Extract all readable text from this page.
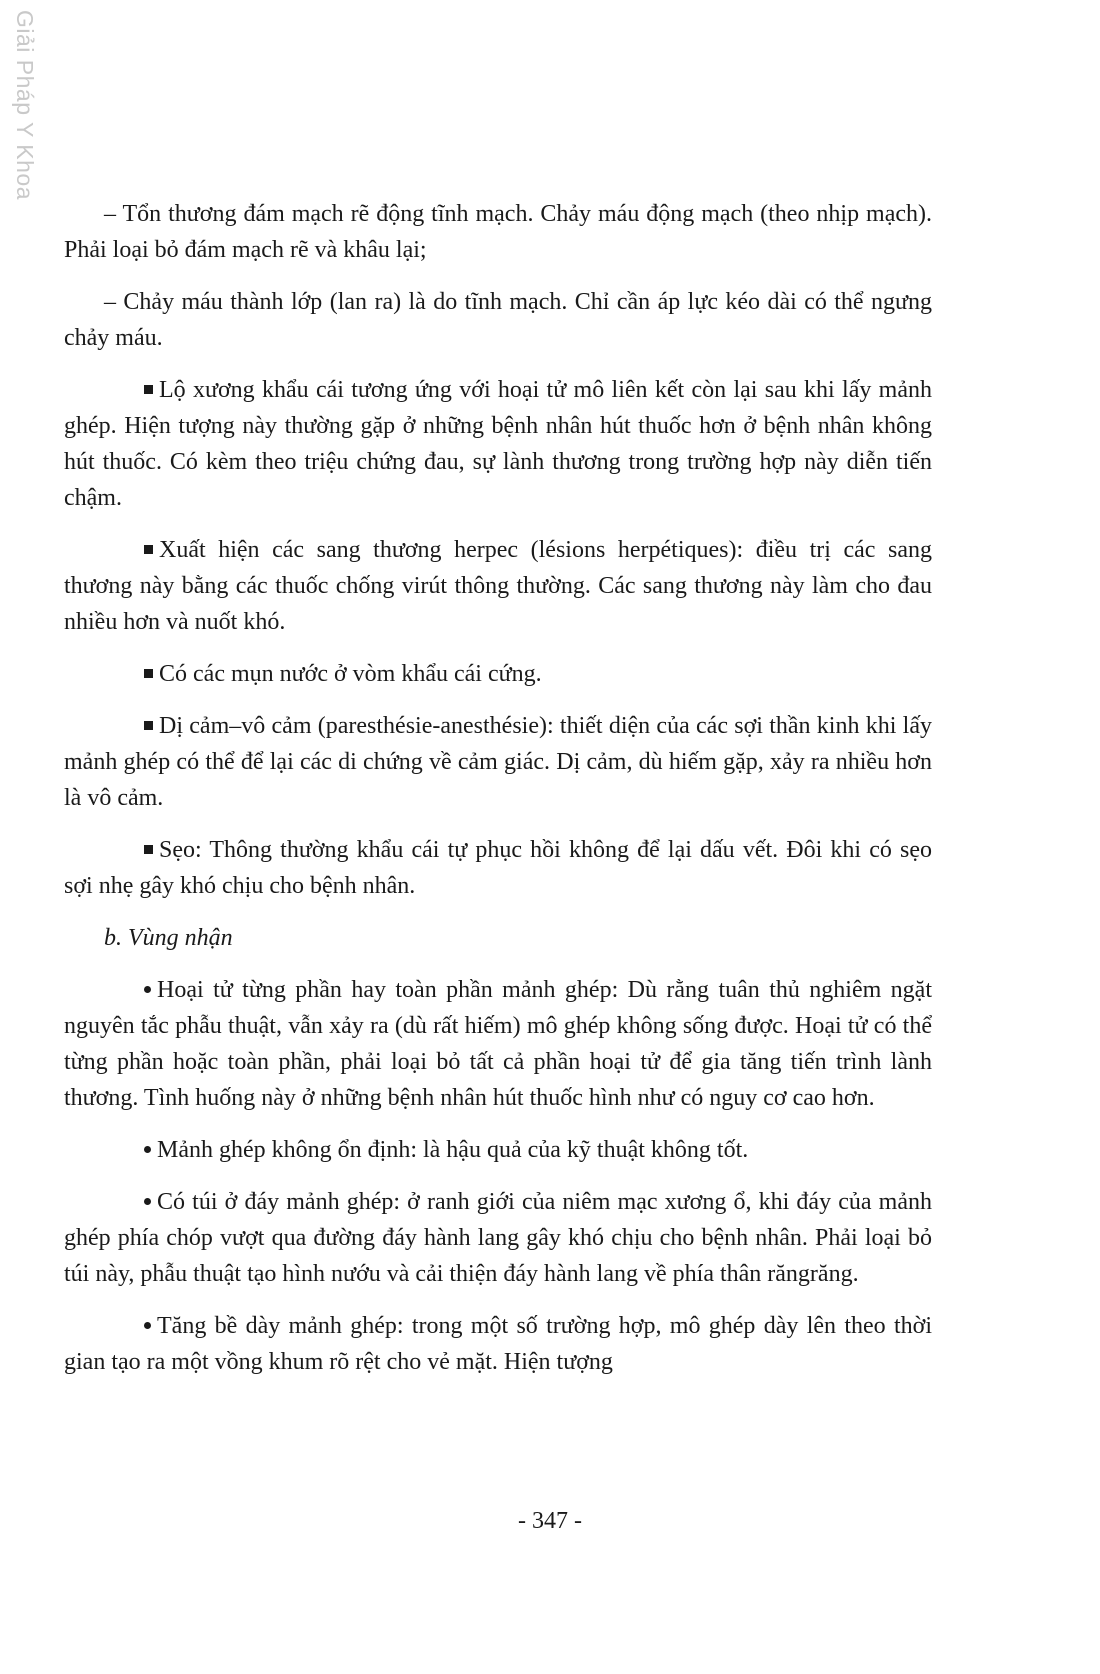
Giải Pháp Y Khoa

– Tổn thương đám mạch rẽ động tĩnh mạch. Chảy máu động mạch (theo nhịp mạch). Phải loại bỏ đám mạch rẽ và khâu lại;

– Chảy máu thành lớp (lan ra) là do tĩnh mạch. Chỉ cần áp lực kéo dài có thể ngưng chảy máu.

Lộ xương khẩu cái tương ứng với hoại tử mô liên kết còn lại sau khi lấy mảnh ghép. Hiện tượng này thường gặp ở những bệnh nhân hút thuốc hơn ở bệnh nhân không hút thuốc. Có kèm theo triệu chứng đau, sự lành thương trong trường hợp này diễn tiến chậm.

Xuất hiện các sang thương herpec (lésions herpétiques): điều trị các sang thương này bằng các thuốc chống virút thông thường. Các sang thương này làm cho đau nhiều hơn và nuốt khó.

Có các mụn nước ở vòm khẩu cái cứng.

Dị cảm–vô cảm (paresthésie-anesthésie): thiết diện của các sợi thần kinh khi lấy mảnh ghép có thể để lại các di chứng về cảm giác. Dị cảm, dù hiếm gặp, xảy ra nhiều hơn là vô cảm.

Sẹo: Thông thường khẩu cái tự phục hồi không để lại dấu vết. Đôi khi có sẹo sợi nhẹ gây khó chịu cho bệnh nhân.

b. Vùng nhận

Hoại tử từng phần hay toàn phần mảnh ghép: Dù rằng tuân thủ nghiêm ngặt nguyên tắc phẫu thuật, vẫn xảy ra (dù rất hiếm) mô ghép không sống được. Hoại tử có thể từng phần hoặc toàn phần, phải loại bỏ tất cả phần hoại tử để gia tăng tiến trình lành thương. Tình huống này ở những bệnh nhân hút thuốc hình như có nguy cơ cao hơn.

Mảnh ghép không ổn định: là hậu quả của kỹ thuật không tốt.

Có túi ở đáy mảnh ghép: ở ranh giới của niêm mạc xương ổ, khi đáy của mảnh ghép phía chóp vượt qua đường đáy hành lang gây khó chịu cho bệnh nhân. Phải loại bỏ túi này, phẫu thuật tạo hình nướu và cải thiện đáy hành lang về phía thân răngrăng.

Tăng bề dày mảnh ghép: trong một số trường hợp, mô ghép dày lên theo thời gian tạo ra một vồng khum rõ rệt cho vẻ mặt. Hiện tượng

- 347 -
